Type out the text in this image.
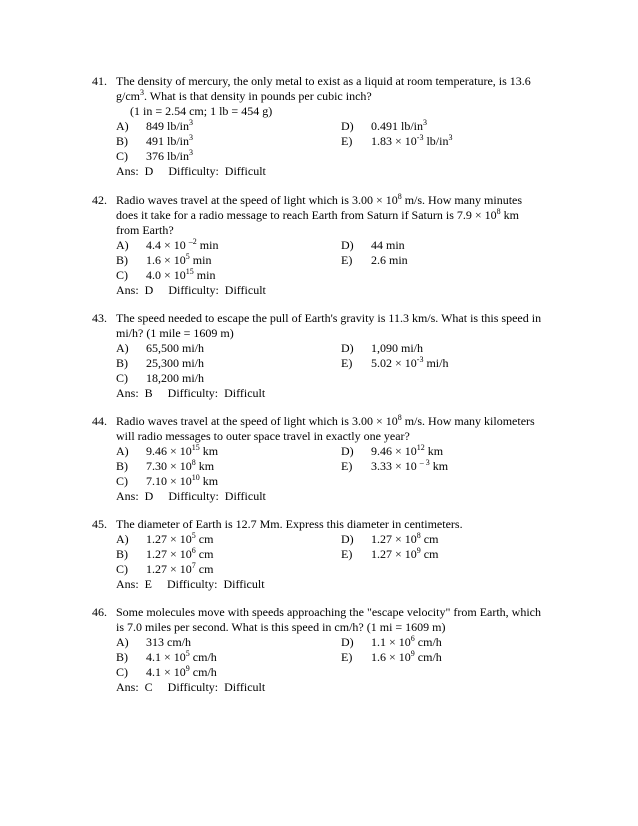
41. The density of mercury, the only metal to exist as a liquid at room temperature, is 13.6
$g/cm^3$. What is that density in pounds per cubic inch?
(1 in = 2.54 cm; 1 lb = 454 g)
A) 849 $lb/in^3$	D) 0.491 $lb/in^3$
B) 491 $lb/in^3$	E) $1.83 \times 10^{-3}$ $lb/in^3$
C) 376 $lb/in^3$
Ans:  D     Difficulty:  Difficult
42. Radio waves travel at the speed of light which is $3.00 \times 10^8$ m/s. How many minutes
does it take for a radio message to reach Earth from Saturn if Saturn is $7.9 \times 10^8$ km
from Earth?
A) 4.4 × 10 $^{-2}$ min	D) 44 min
B) $1.6 \times 10^5$ min	E) 2.6 min
C) $4.0 \times 10^{15}$ min
Ans:  D     Difficulty:  Difficult
43. The speed needed to escape the pull of Earth's gravity is 11.3 km/s. What is this speed in
mi/h? (1 mile = 1609 m)
A) 65,500 mi/h	D) 1,090 mi/h
B) 25,300 mi/h	E) $5.02 \times 10^{-3}$ mi/h
C) 18,200 mi/h
Ans:  B     Difficulty:  Difficult
44. Radio waves travel at the speed of light which is $3.00 \times 10^8$ m/s. How many kilometers
will radio messages to outer space travel in exactly one year?
A) $9.46 \times 10^{15}$ km	D) $9.46 \times 10^{12}$ km
B) $7.30 \times 10^8$ km	E) 3.33 × 10 $^{- 3}$ km
C) $7.10 \times 10^{10}$ km
Ans:  D     Difficulty:  Difficult
45. The diameter of Earth is 12.7 Mm. Express this diameter in centimeters.
A) $1.27 \times 10^5$ cm	D) $1.27 \times 10^8$ cm
B) $1.27 \times 10^6$ cm	E) $1.27 \times 10^9$ cm
C) $1.27 \times 10^7$ cm
Ans:  E     Difficulty:  Difficult
46. Some molecules move with speeds approaching the "escape velocity" from Earth, which
is 7.0 miles per second. What is this speed in cm/h? (1 mi = 1609 m)
A) 313 cm/h	D) $1.1 \times 10^6$ cm/h
B) $4.1 \times 10^5$ cm/h	E) $1.6 \times 10^9$ cm/h
C) $4.1 \times 10^9$ cm/h
Ans:  C     Difficulty:  Difficult
